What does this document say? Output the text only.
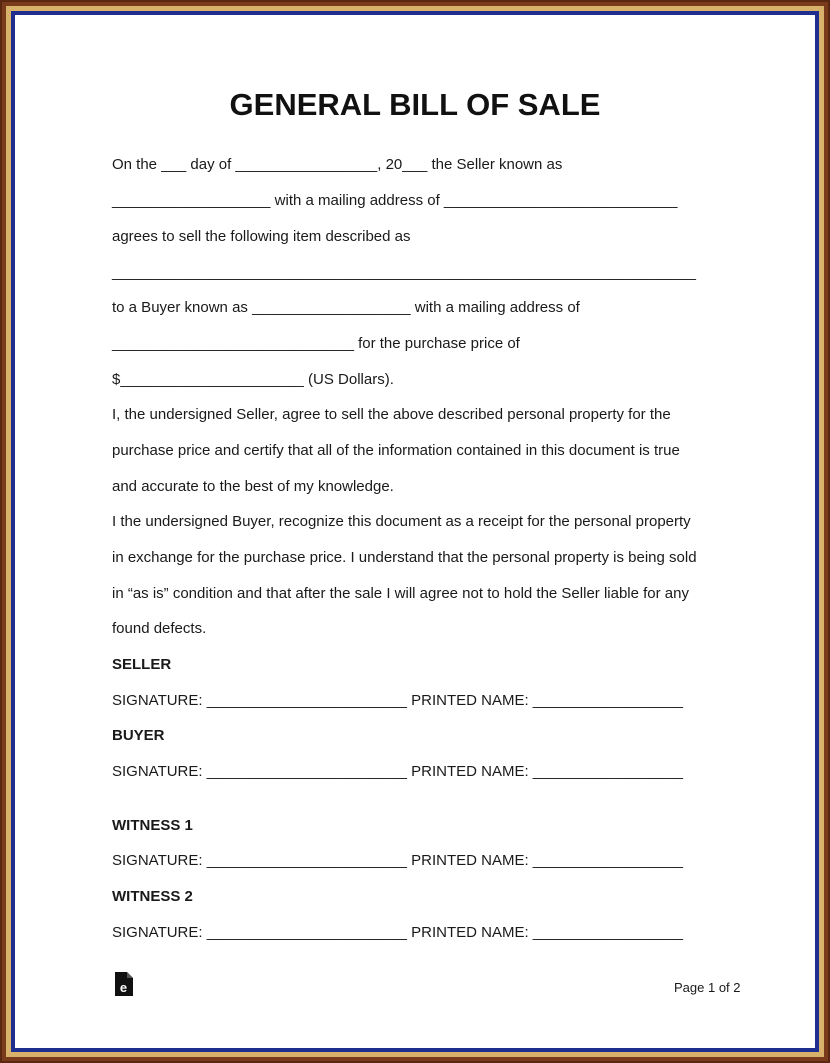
GENERAL BILL OF SALE
On the ___ day of _________________, 20___ the Seller known as
___________________ with a mailing address of ____________________________
agrees to sell the following item described as
______________________________________________________________________
to a Buyer known as ___________________ with a mailing address of
_____________________________ for the purchase price of
$______________________ (US Dollars).
I, the undersigned Seller, agree to sell the above described personal property for the
purchase price and certify that all of the information contained in this document is true
and accurate to the best of my knowledge.
I the undersigned Buyer, recognize this document as a receipt for the personal property
in exchange for the purchase price. I understand that the personal property is being sold
in “as is” condition and that after the sale I will agree not to hold the Seller liable for any
found defects.
SELLER
SIGNATURE: ________________________ PRINTED NAME: __________________
BUYER
SIGNATURE: ________________________ PRINTED NAME: __________________
WITNESS 1
SIGNATURE: ________________________ PRINTED NAME: __________________
WITNESS 2
SIGNATURE: ________________________ PRINTED NAME: __________________
e	Page 1 of 2
